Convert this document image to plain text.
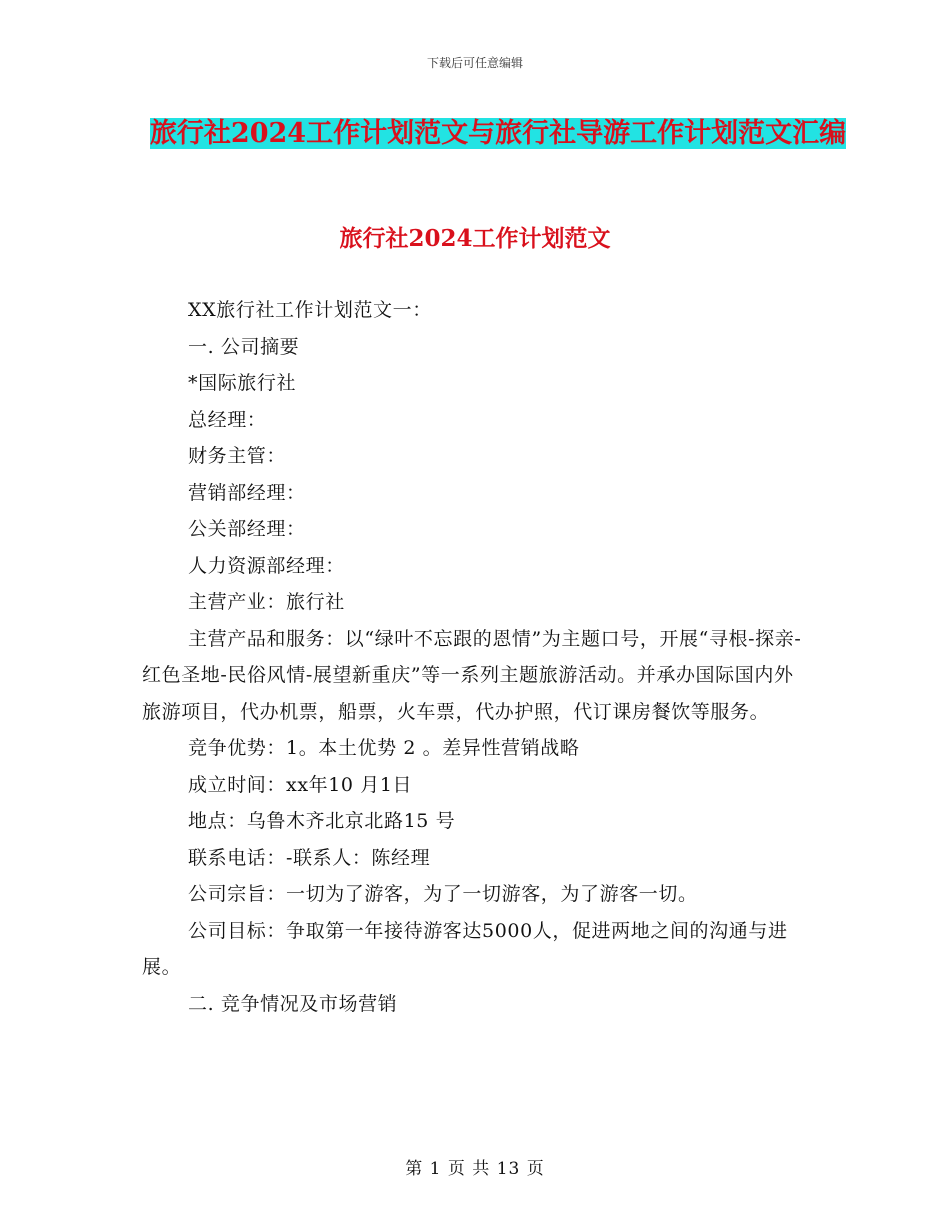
下载后可任意编辑
旅行社2024工作计划范文与旅行社导游工作计划范文汇编
旅行社2024工作计划范文

XX旅行社工作计划范文一：

一. 公司摘要

*国际旅行社

总经理：

财务主管：

营销部经理：

公关部经理：

人力资源部经理：

主营产业：旅行社

主营产品和服务：以“绿叶不忘跟的恩情”为主题口号，开展“寻根-探亲-红色圣地-民俗风情-展望新重庆”等一系列主题旅游活动。并承办国际国内外旅游项目，代办机票，船票，火车票，代办护照，代订课房餐饮等服务。

竞争优势：1。本土优势 2 。差异性营销战略

成立时间：xx年10 月1日

地点：乌鲁木齐北京北路15 号

联系电话：-联系人：陈经理

公司宗旨：一切为了游客，为了一切游客，为了游客一切。

公司目标：争取第一年接待游客达5000人，促进两地之间的沟通与进展。

二. 竞争情况及市场营销

第 1 页 共 13 页
